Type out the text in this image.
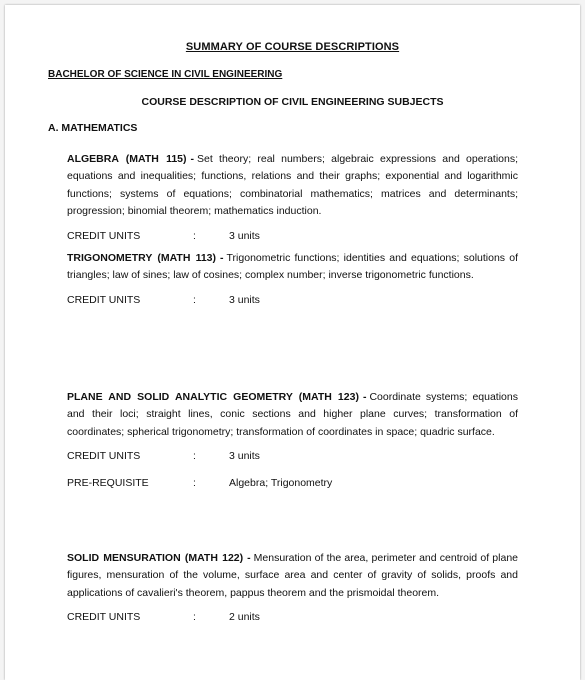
SUMMARY OF COURSE DESCRIPTIONS
BACHELOR OF SCIENCE IN CIVIL ENGINEERING
COURSE DESCRIPTION OF CIVIL ENGINEERING SUBJECTS
A. MATHEMATICS

ALGEBRA (MATH 115) - Set theory; real numbers; algebraic expressions and operations; equations and inequalities; functions, relations and their graphs; exponential and logarithmic functions; systems of equations; combinatorial mathematics; matrices and determinants; progression; binomial theorem; mathematics induction.

CREDIT UNITS	:	3 units

TRIGONOMETRY (MATH 113) - Trigonometric functions; identities and equations; solutions of triangles; law of sines; law of cosines; complex number; inverse trigonometric functions.

CREDIT UNITS	:	3 units

PLANE AND SOLID ANALYTIC GEOMETRY (MATH 123) - Coordinate systems; equations and their loci; straight lines, conic sections and higher plane curves; transformation of coordinates; spherical trigonometry; transformation of coordinates in space; quadric surface.

CREDIT UNITS	:	3 units
PRE-REQUISITE	:	Algebra; Trigonometry

SOLID MENSURATION (MATH 122) - Mensuration of the area, perimeter and centroid of plane figures, mensuration of the volume, surface area and center of gravity of solids, proofs and applications of cavalieri's theorem, pappus theorem and the prismoidal theorem.

CREDIT UNITS	:	2 units
